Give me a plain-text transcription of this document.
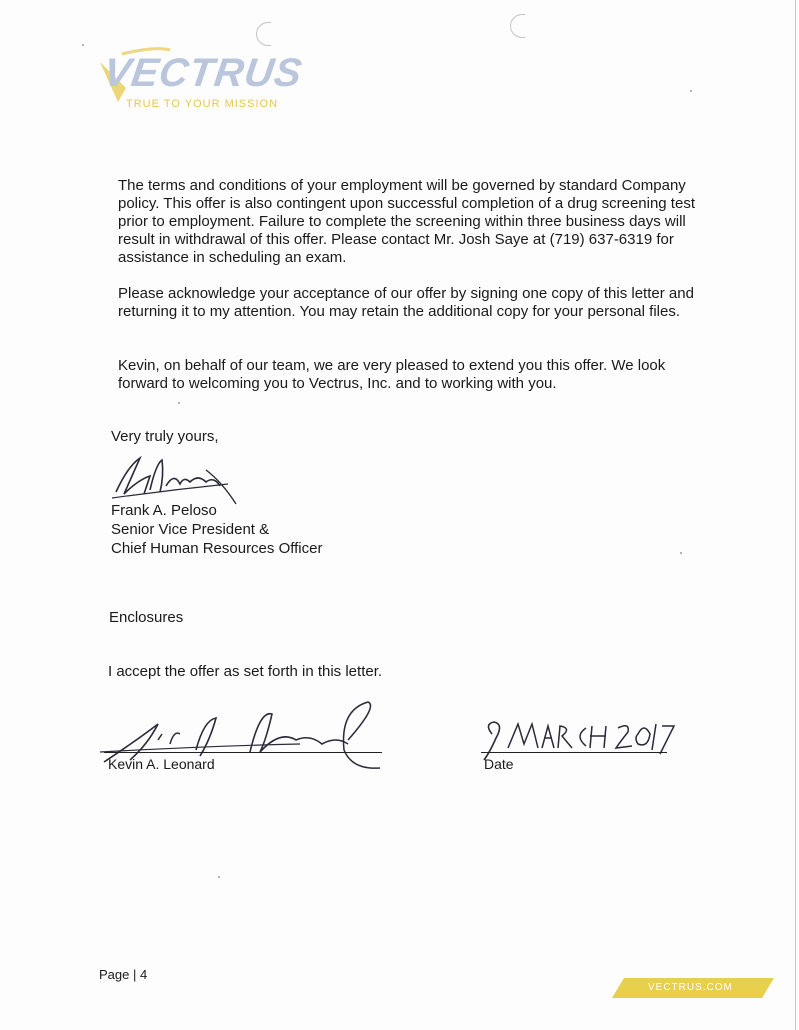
VECTRUS
TRUE TO YOUR MISSION

The terms and conditions of your employment will be governed by standard Company policy. This offer is also contingent upon successful completion of a drug screening test prior to employment. Failure to complete the screening within three business days will result in withdrawal of this offer. Please contact Mr. Josh Saye at (719) 637-6319 for assistance in scheduling an exam.

Please acknowledge your acceptance of our offer by signing one copy of this letter and returning it to my attention. You may retain the additional copy for your personal files.

Kevin, on behalf of our team, we are very pleased to extend you this offer. We look forward to welcoming you to Vectrus, Inc. and to working with you.

Very truly yours,
Frank A. Peloso
Senior Vice President &
Chief Human Resources Officer
Enclosures
I accept the offer as set forth in this letter.
Kevin A. Leonard	Date
Page | 4
VECTRUS.COM
